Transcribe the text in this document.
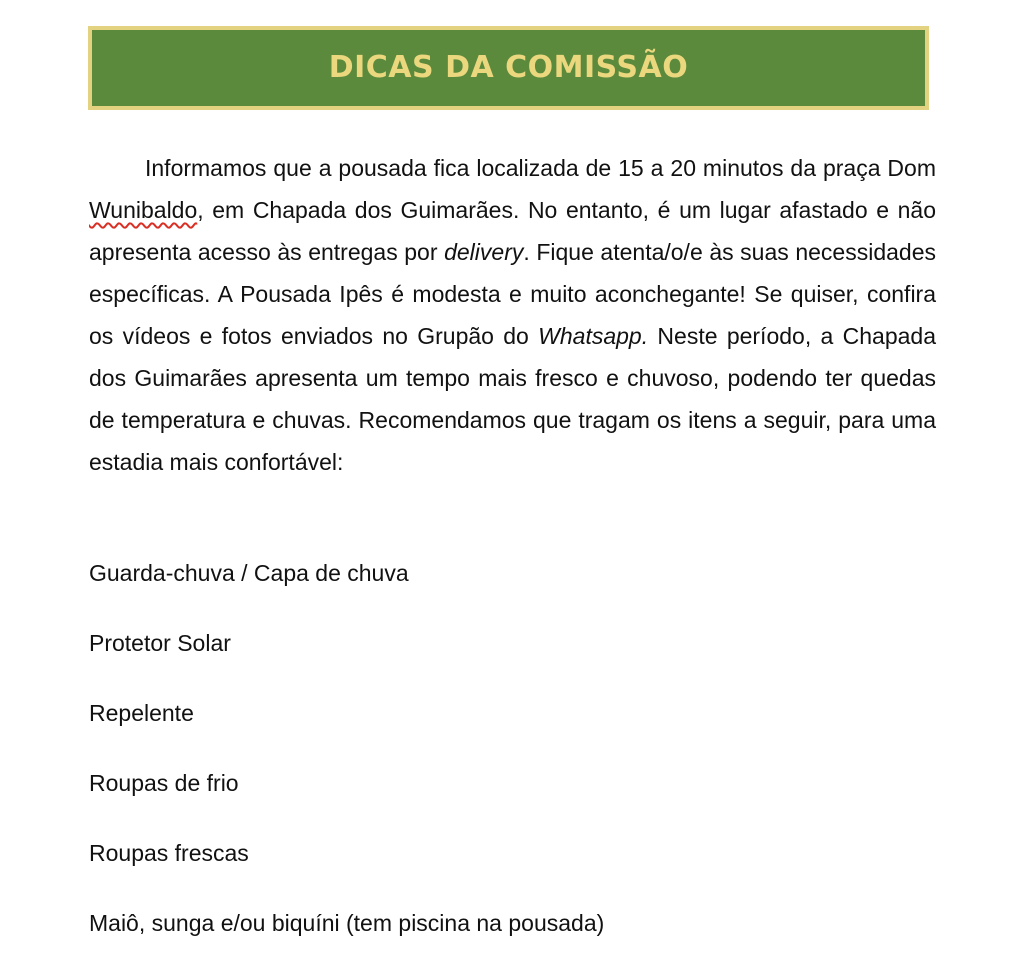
DICAS DA COMISSÃO

Informamos que a pousada fica localizada de 15 a 20 minutos da praça Dom Wunibaldo, em Chapada dos Guimarães. No entanto, é um lugar afastado e não apresenta acesso às entregas por delivery. Fique atenta/o/e às suas necessidades específicas. A Pousada Ipês é modesta e muito aconchegante! Se quiser, confira os vídeos e fotos enviados no Grupão do Whatsapp. Neste período, a Chapada dos Guimarães apresenta um tempo mais fresco e chuvoso, podendo ter quedas de temperatura e chuvas. Recomendamos que tragam os itens a seguir, para uma estadia mais confortável:

Guarda-chuva / Capa de chuva
Protetor Solar
Repelente
Roupas de frio
Roupas frescas
Maiô, sunga e/ou biquíni (tem piscina na pousada)
